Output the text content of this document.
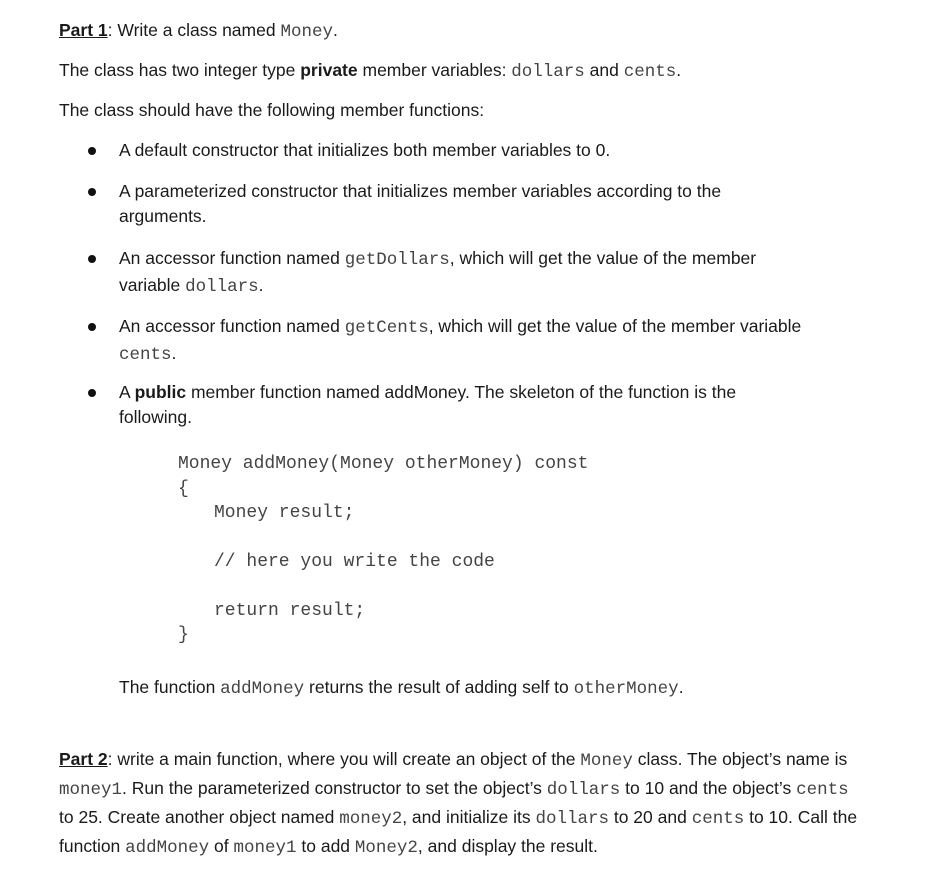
Part 1: Write a class named Money.

The class has two integer type private member variables: dollars and cents.

The class should have the following member functions:

A default constructor that initializes both member variables to 0.

A parameterized constructor that initializes member variables according to the arguments.

An accessor function named getDollars, which will get the value of the member variable dollars.

An accessor function named getCents, which will get the value of the member variable cents.

A public member function named addMoney. The skeleton of the function is the following.

Money addMoney(Money otherMoney) const
{
Money result;
// here you write the code
return result;
}

The function addMoney returns the result of adding self to otherMoney.

Part 2: write a main function, where you will create an object of the Money class. The object’s name is money1. Run the parameterized constructor to set the object’s dollars to 10 and the object’s cents to 25. Create another object named money2, and initialize its dollars to 20 and cents to 10. Call the function addMoney of money1 to add Money2, and display the result.
